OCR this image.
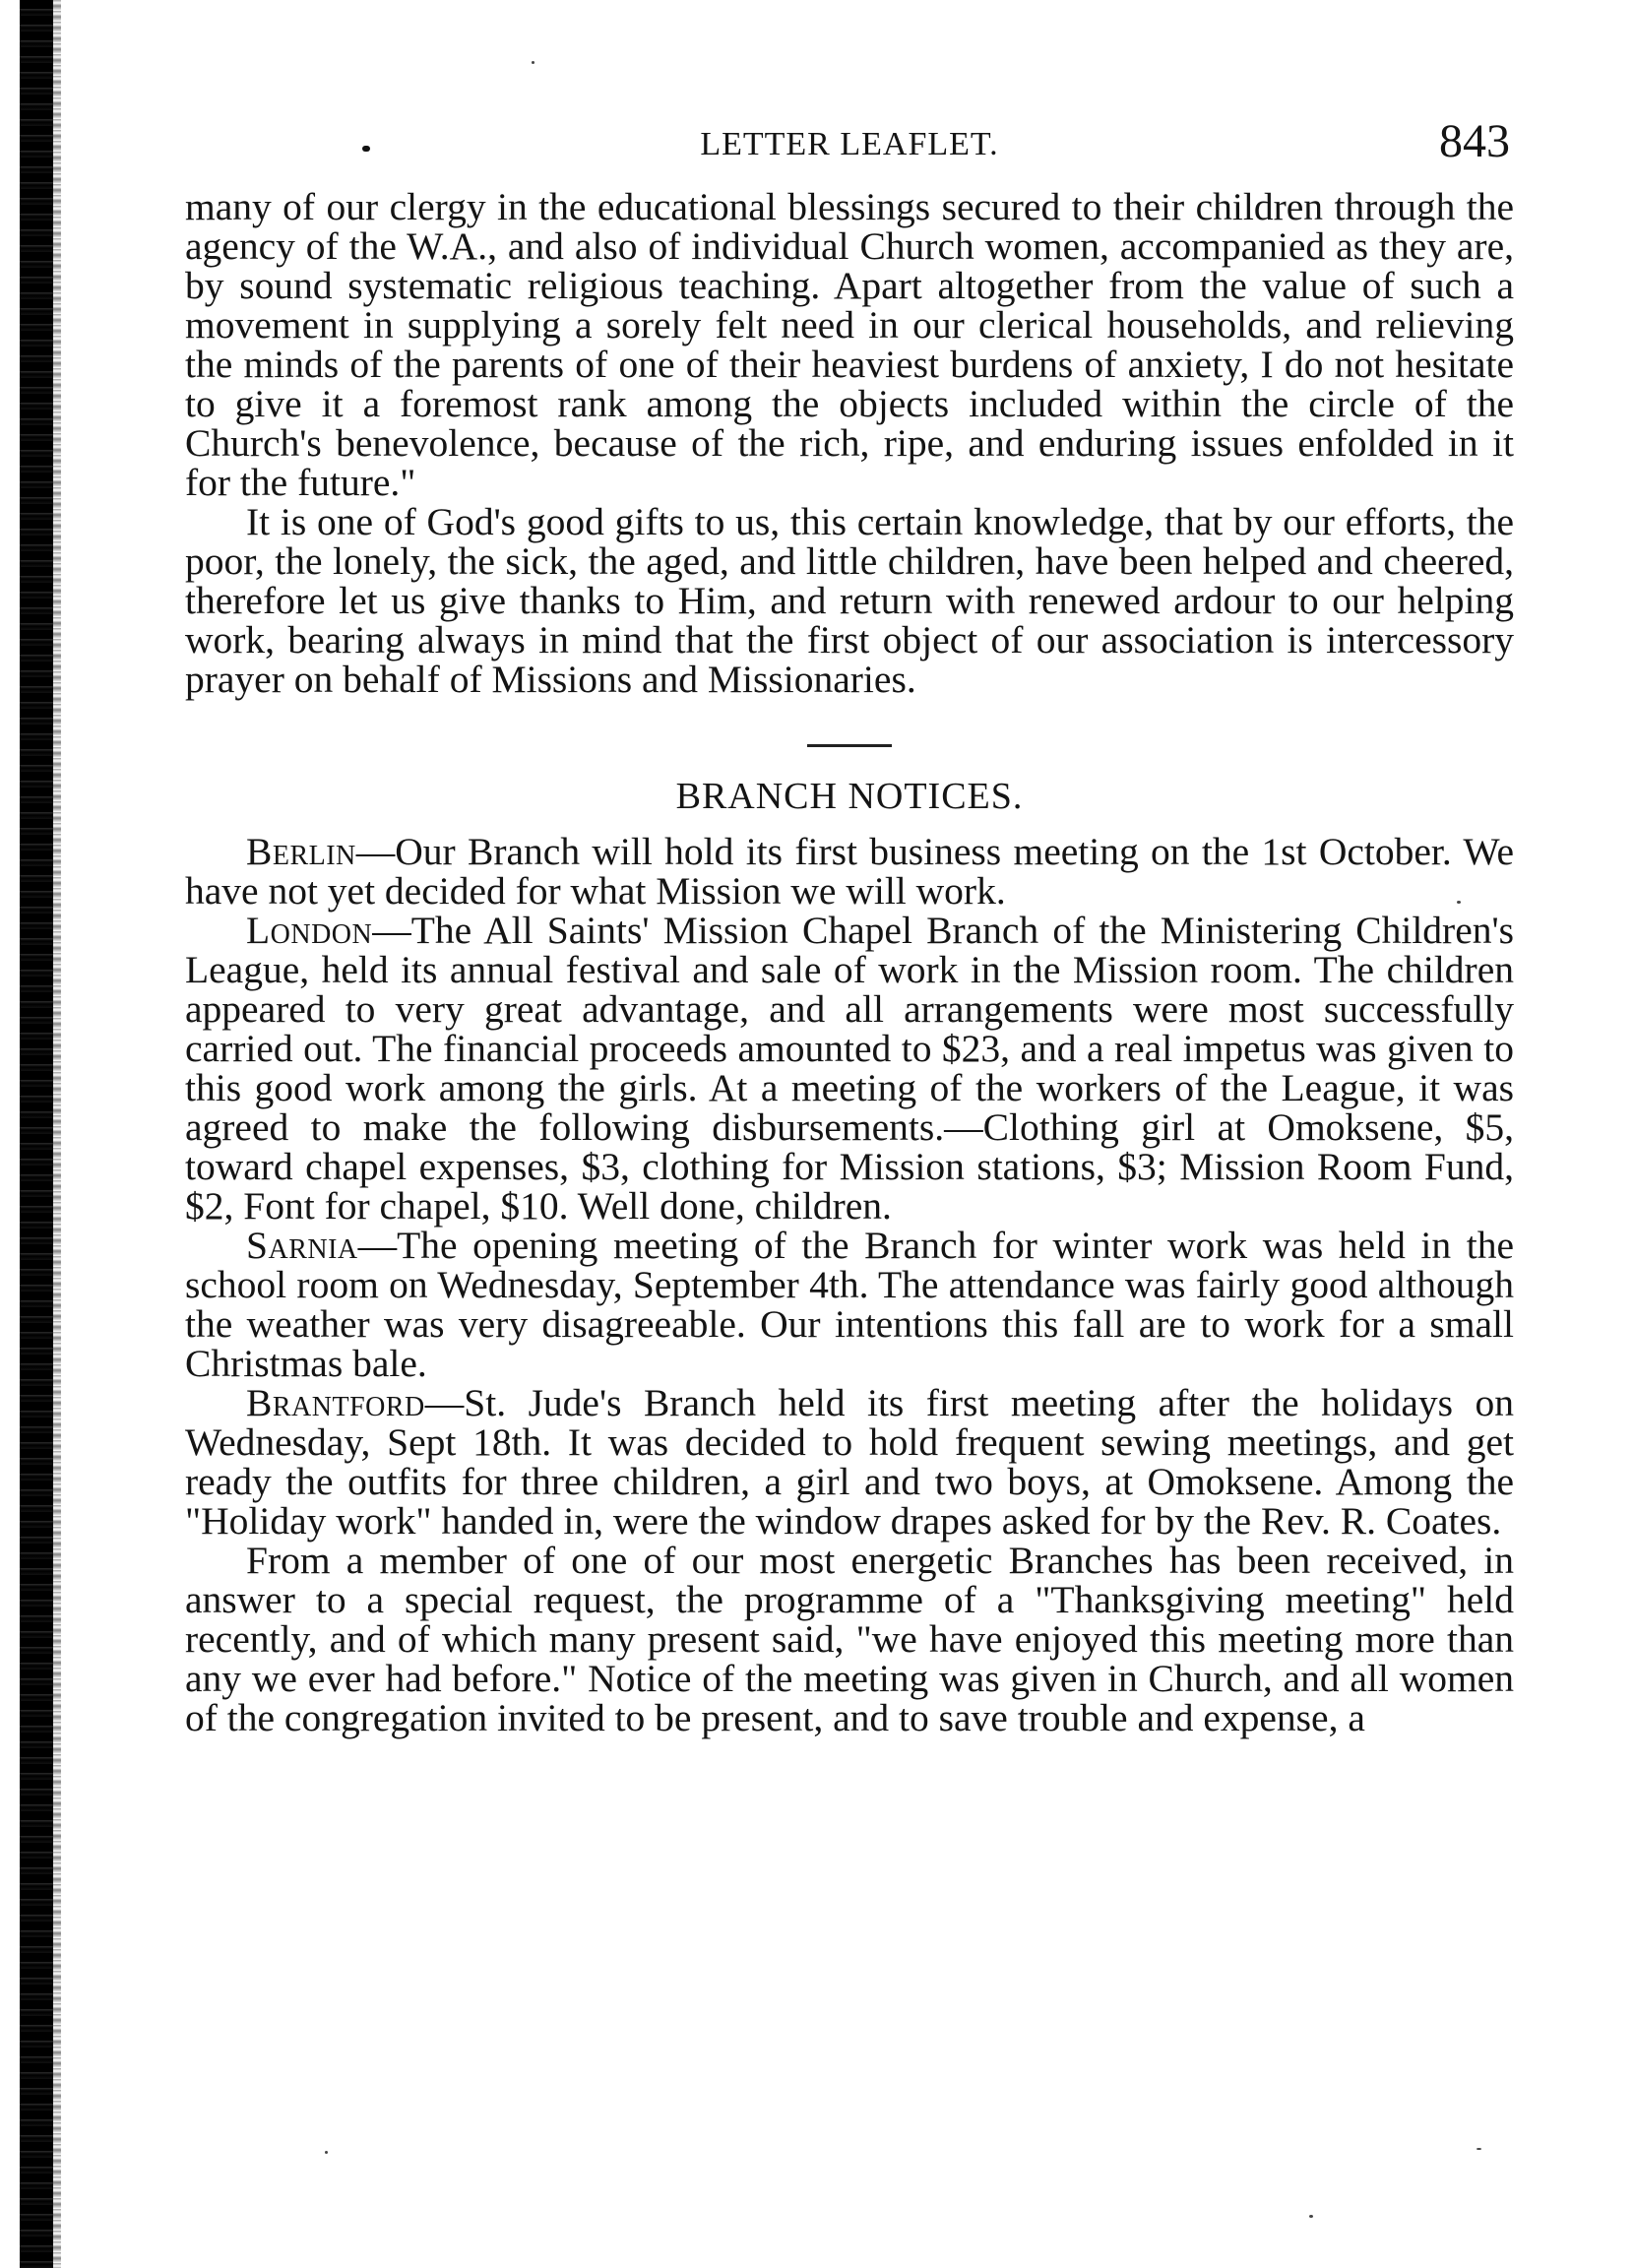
LETTER LEAFLET.	843

many of our clergy in the educational blessings secured to their children through the agency of the W.A., and also of individual Church women, accompanied as they are, by sound systematic religious teaching. Apart altogether from the value of such a movement in supplying a sorely felt need in our clerical households, and relieving the minds of the parents of one of their heaviest burdens of anxiety, I do not hesitate to give it a foremost rank among the objects included within the circle of the Church's benevolence, because of the rich, ripe, and enduring issues enfolded in it for the future."

It is one of God's good gifts to us, this certain knowledge, that by our efforts, the poor, the lonely, the sick, the aged, and little children, have been helped and cheered, therefore let us give thanks to Him, and return with renewed ardour to our helping work, bearing always in mind that the first object of our association is intercessory prayer on behalf of Missions and Missionaries.

BRANCH NOTICES.

Berlin—Our Branch will hold its first business meeting on the 1st October. We have not yet decided for what Mission we will work.

London—The All Saints' Mission Chapel Branch of the Ministering Children's League, held its annual festival and sale of work in the Mission room. The children appeared to very great advantage, and all arrangements were most successfully carried out. The financial proceeds amounted to $23, and a real impetus was given to this good work among the girls. At a meeting of the workers of the League, it was agreed to make the following disbursements.—Clothing girl at Omoksene, $5, toward chapel expenses, $3, clothing for Mission stations, $3; Mission Room Fund, $2, Font for chapel, $10. Well done, children.

Sarnia—The opening meeting of the Branch for winter work was held in the school room on Wednesday, September 4th. The attendance was fairly good although the weather was very disagreeable. Our intentions this fall are to work for a small Christmas bale.

Brantford—St. Jude's Branch held its first meeting after the holidays on Wednesday, Sept 18th. It was decided to hold frequent sewing meetings, and get ready the outfits for three children, a girl and two boys, at Omoksene. Among the "Holiday work" handed in, were the window drapes asked for by the Rev. R. Coates.

From a member of one of our most energetic Branches has been received, in answer to a special request, the programme of a "Thanksgiving meeting" held recently, and of which many present said, "we have enjoyed this meeting more than any we ever had before." Notice of the meeting was given in Church, and all women of the congregation invited to be present, and to save trouble and expense, a
